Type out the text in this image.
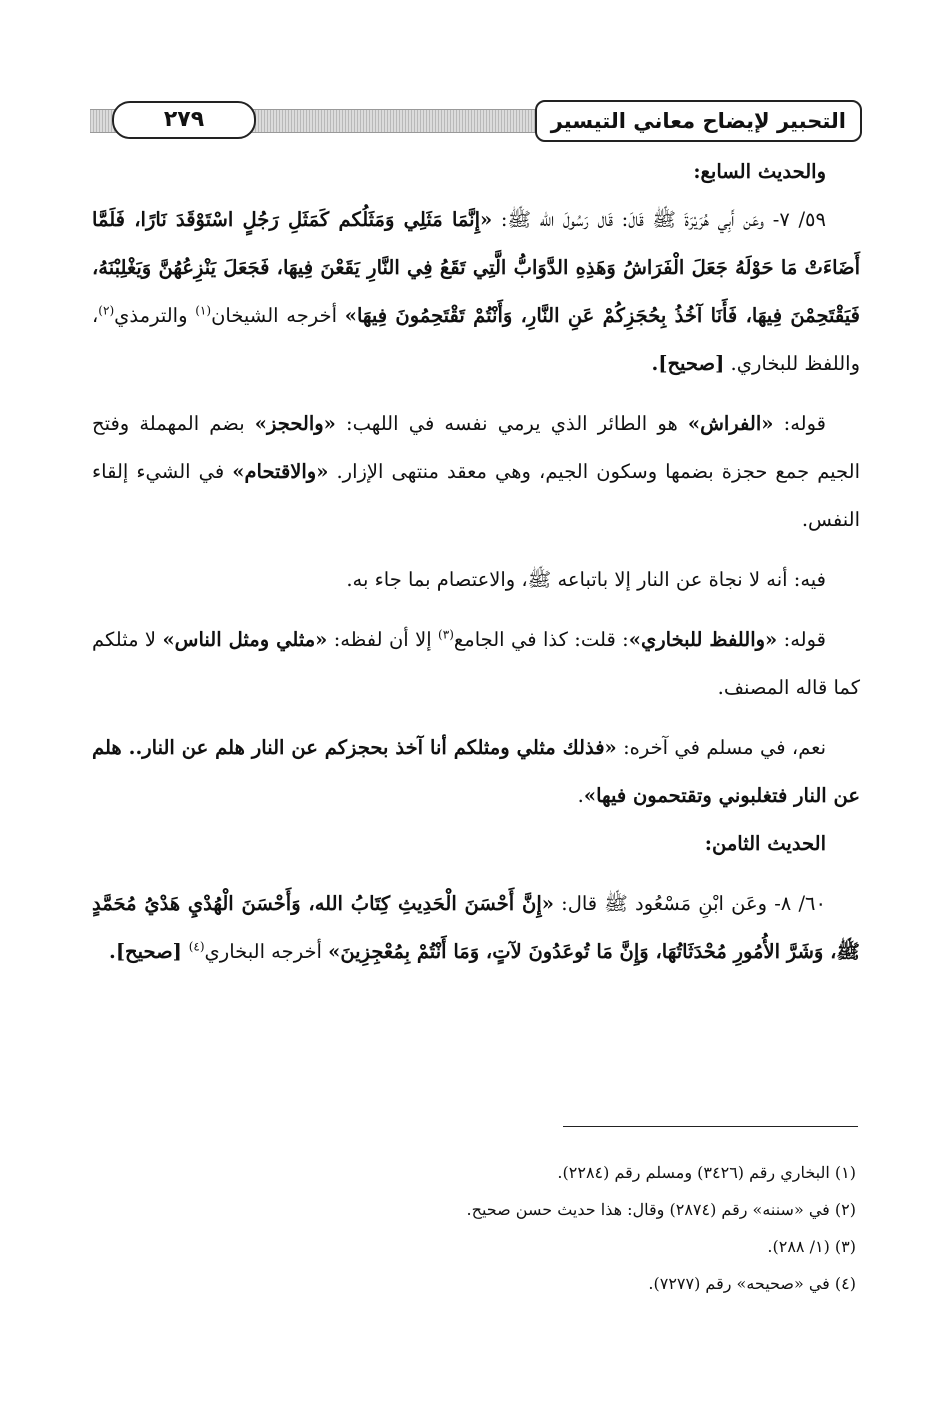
التحبير لإيضاح معاني التيسير
٢٧٩

والحديث السابع:

٥٩/ ٧- وعَن أَبِي هُرَيْرَةَ ﷺ قَالَ: قَال رَسُولَ الله ﷺ: «إِنَّمَا مَثَلِي وَمَثَلُكم كَمَثَلِ رَجُلٍ اسْتَوْقَدَ نَارًا، فَلَمَّا أَضَاءَتْ مَا حَوْلَهُ جَعَلَ الْفَرَاشُ وَهَذِهِ الدَّوَابُّ الَّتِي تَقَعُ فِي النَّارِ يَقَعْنَ فِيهَا، فَجَعَلَ يَنْزِعُهُنَّ وَيَغْلِبْنَهُ، فَيَقْتَحِمْنَ فِيهَا، فَأَنَا آخُذُ بِحُجَزِكُمْ عَنِ النَّارِ، وَأَنْتُمْ تَقْتَحِمُونَ فِيهَا» أخرجه الشيخان$^{(١)}$ والترمذي$^{(٢)}$، واللفظ للبخاري. [صحيح].

قوله: «الفراش» هو الطائر الذي يرمي نفسه في اللهب: «والحجز» بضم المهملة وفتح الجيم جمع حجزة بضمها وسكون الجيم، وهي معقد منتهى الإزار. «والاقتحام» في الشيء إلقاء النفس.

فيه: أنه لا نجاة عن النار إلا باتباعه ﷺ، والاعتصام بما جاء به.

قوله: «واللفظ للبخاري»: قلت: كذا في الجامع$^{(٣)}$ إلا أن لفظه: «مثلي ومثل الناس» لا مثلكم كما قاله المصنف.

نعم، في مسلم في آخره: «فذلك مثلي ومثلكم أنا آخذ بحجزكم عن النار هلم عن النار.. هلم عن النار فتغلبوني وتقتحمون فيها».

الحديث الثامن:

٦٠/ ٨- وعَن ابْنِ مَسْعُود ﷺ قال: «إِنَّ أَحْسَنَ الْحَدِيثِ كِتَابُ الله، وَأَحْسَنَ الْهُدْيِ هَدْيُ مُحَمَّدٍ ﷺ، وَشَرَّ الأُمُورِ مُحْدَثَاتُهَا، وَإِنَّ مَا تُوعَدُونَ لآتٍ، وَمَا أَنْتُمْ بِمُعْجِزِينَ» أخرجه البخاري$^{(٤)}$ [صحيح].

(١) البخاري رقم (٣٤٢٦) ومسلم رقم (٢٢٨٤).

(٢) في «سننه» رقم (٢٨٧٤) وقال: هذا حديث حسن صحيح.

(٣) (١/ ٢٨٨).

(٤) في «صحيحه» رقم (٧٢٧٧).
